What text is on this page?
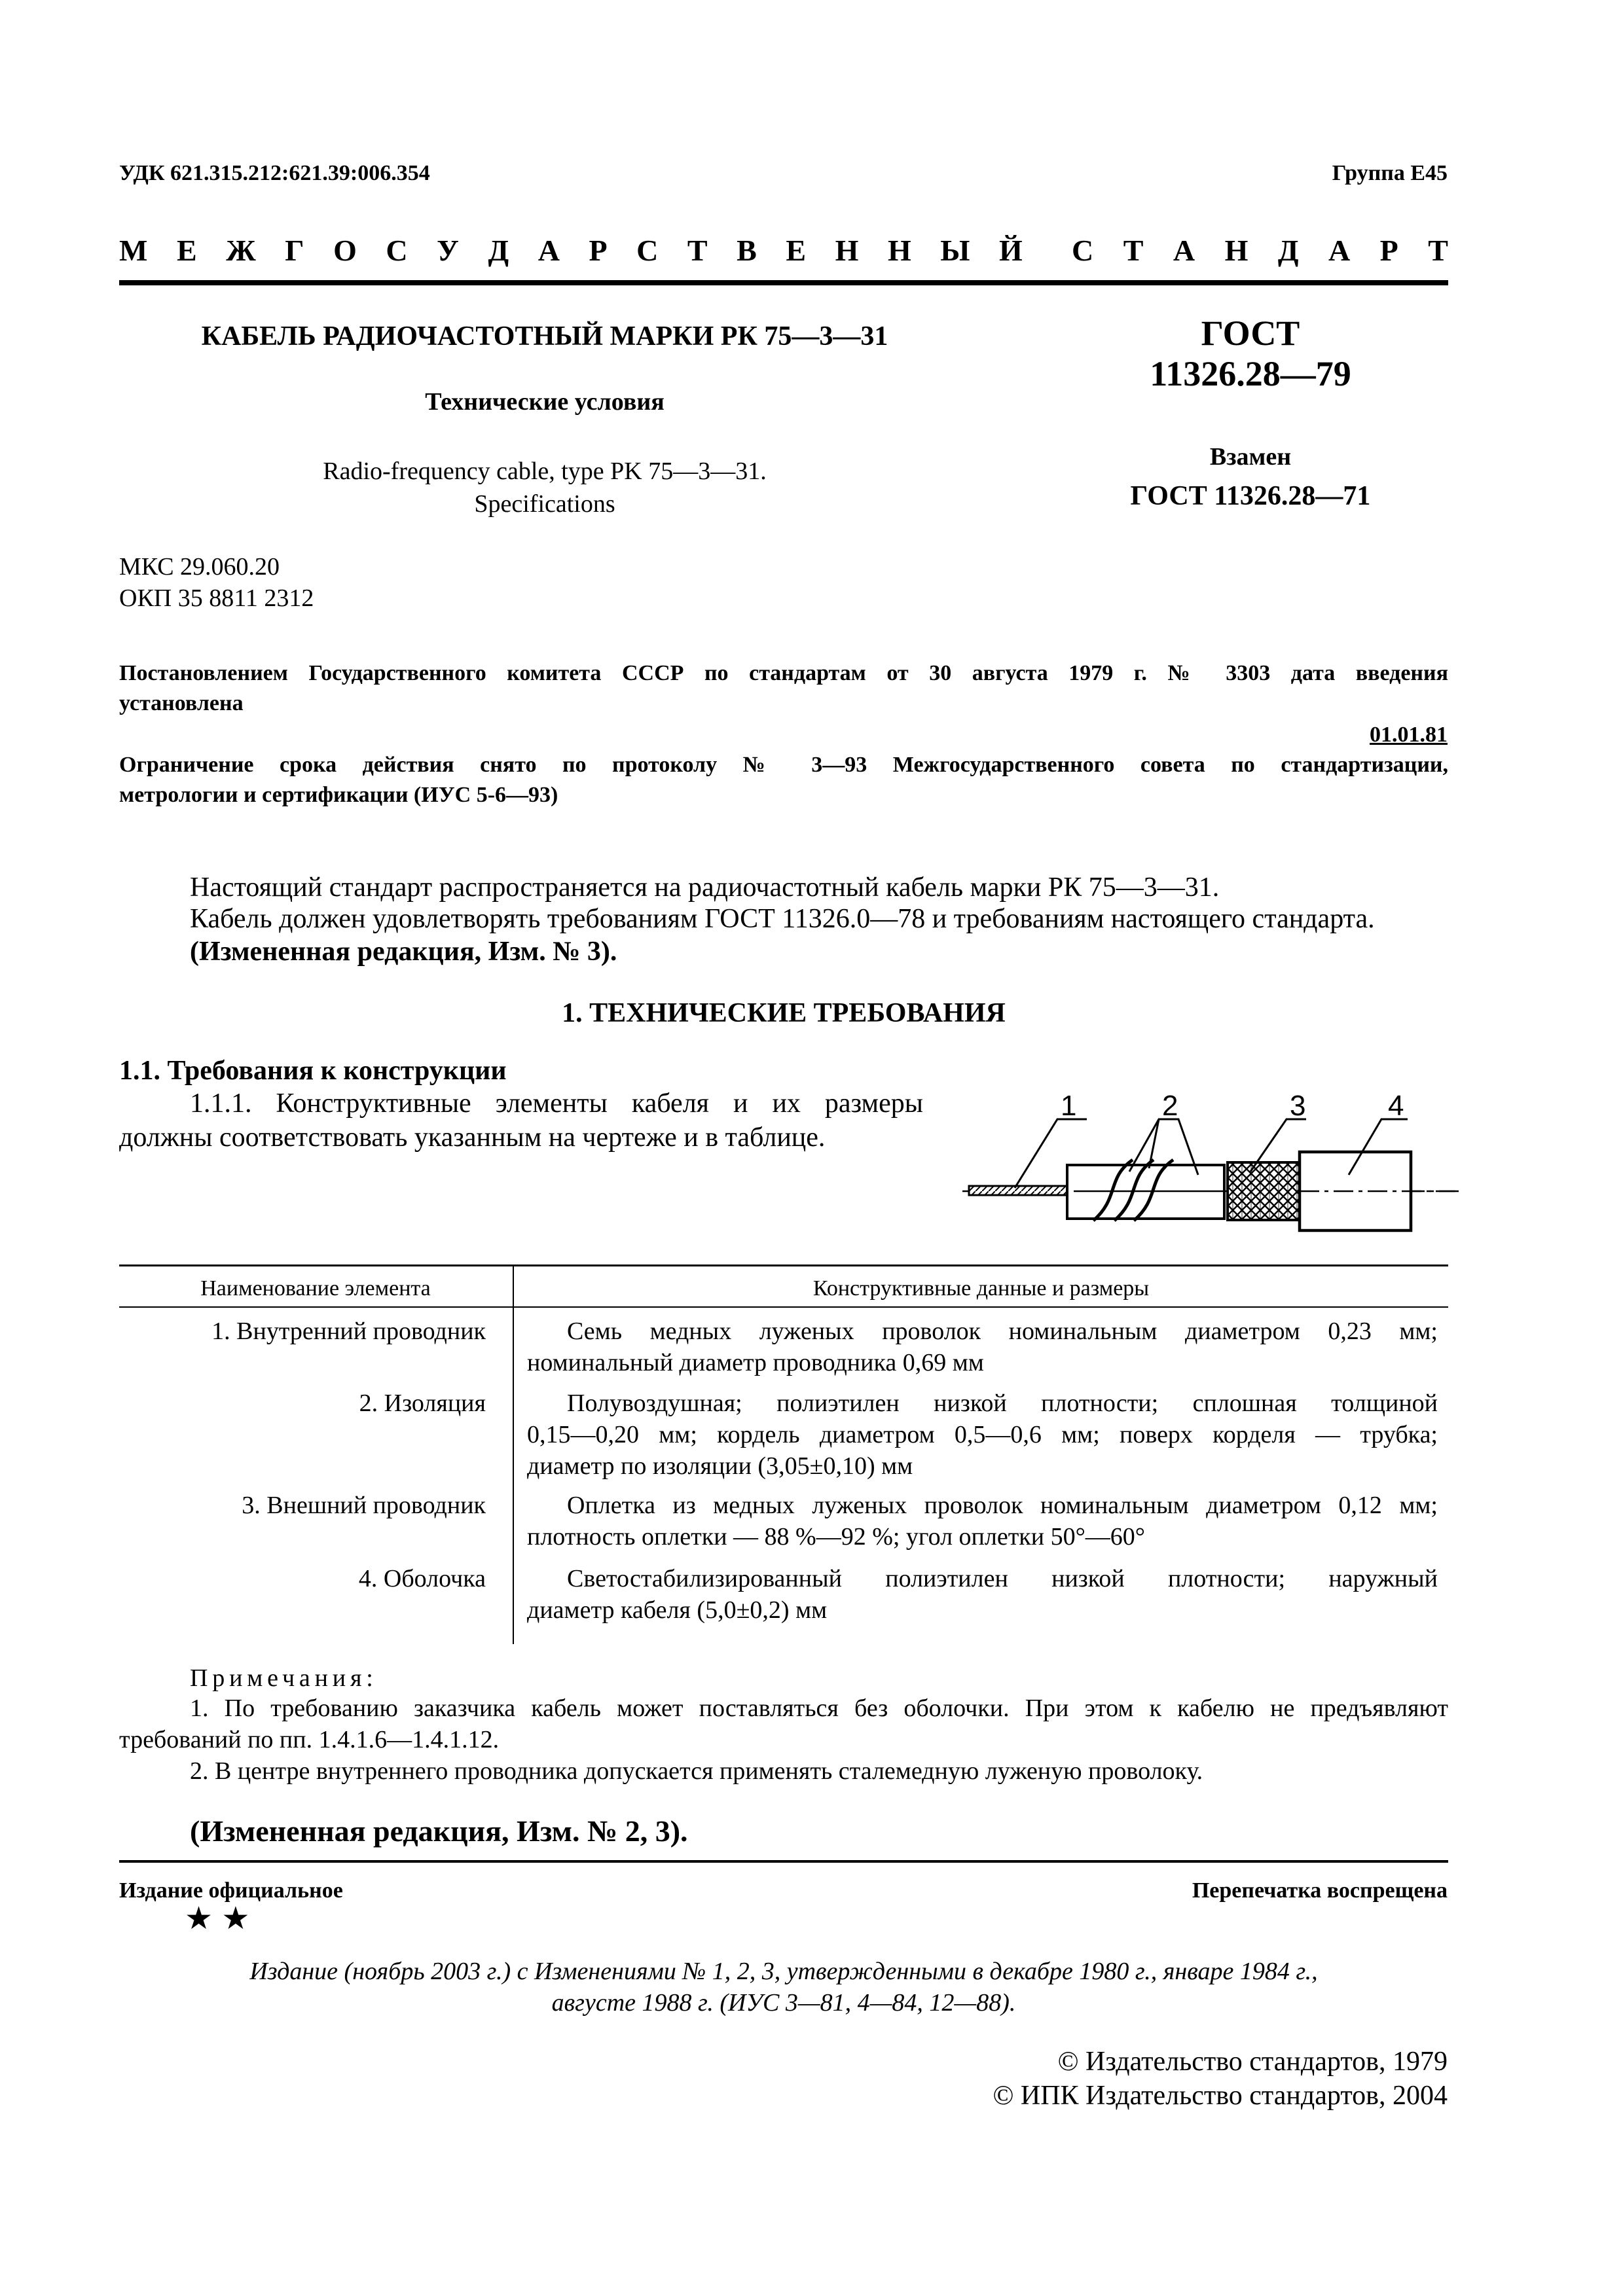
УДК 621.315.212:621.39:006.354	Группа Е45
М Е Ж Г О С У Д А Р С Т В Е Н Н Ы Й С Т А Н Д А Р Т
КАБЕЛЬ РАДИОЧАСТОТНЫЙ МАРКИ РК 75—3—31
Технические условия
Radio-frequency cable, type PK 75—3—31.
Specifications
ГОСТ
11326.28—79
Взамен
ГОСТ 11326.28—71
МКС 29.060.20
ОКП 35 8811 2312
Постановлением Государственного комитета СССР по стандартам от 30 августа 1979 г. № 3303 дата введения
установлена
01.01.81
Ограничение срока действия снято по протоколу № 3—93 Межгосударственного совета по стандартизации,
метрологии и сертификации (ИУС 5-6—93)
Настоящий стандарт распространяется на радиочастотный кабель марки РК 75—3—31.
Кабель должен удовлетворять требованиям ГОСТ 11326.0—78 и требованиям настоящего стандарта.
(Измененная редакция, Изм. № 3).
1. ТЕХНИЧЕСКИЕ ТРЕБОВАНИЯ
1.1. Требования к конструкции
1.1.1. Конструктивные элементы кабеля и их размеры
должны соответствовать указанным на чертеже и в таблице.
1	2	3	4
Наименование элемента	Конструктивные данные и размеры
1. Внутренний проводник	Семь медных луженых проволок номинальным диаметром 0,23 мм;
номинальный диаметр проводника 0,69 мм
2. Изоляция	Полувоздушная; полиэтилен низкой плотности; сплошная толщиной
0,15—0,20 мм; кордель диаметром 0,5—0,6 мм; поверх корделя — трубка;
диаметр по изоляции (3,05±0,10) мм
3. Внешний проводник	Оплетка из медных луженых проволок номинальным диаметром 0,12 мм;
плотность оплетки — 88 %—92 %; угол оплетки 50°—60°
4. Оболочка	Светостабилизированный полиэтилен низкой плотности; наружный
диаметр кабеля (5,0±0,2) мм
Примечания:
1. По требованию заказчика кабель может поставляться без оболочки. При этом к кабелю не предъявляют
требований по пп. 1.4.1.6—1.4.1.12.
2. В центре внутреннего проводника допускается применять сталемедную луженую проволоку.
(Измененная редакция, Изм. № 2, 3).
Издание официальное	Перепечатка воспрещена
★ ★
Издание (ноябрь 2003 г.) с Изменениями № 1, 2, 3, утвержденными в декабре 1980 г., январе 1984 г.,
августе 1988 г. (ИУС 3—81, 4—84, 12—88).
© Издательство стандартов, 1979
© ИПК Издательство стандартов, 2004
